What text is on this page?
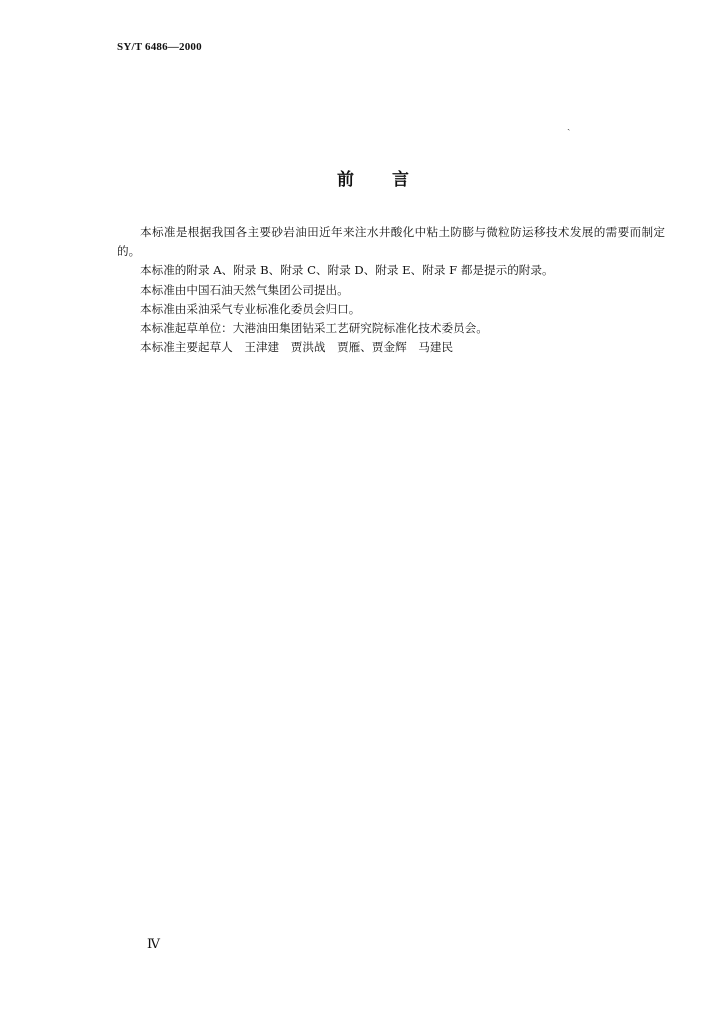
SY/T 6486—2000
ˏ
前 言

本标准是根据我国各主要砂岩油田近年来注水井酸化中粘土防膨与微粒防运移技术发展的需要而制定的。

本标准的附录 A、附录 B、附录 C、附录 D、附录 E、附录 F 都是提示的附录。

本标准由中国石油天然气集团公司提出。

本标准由采油采气专业标准化委员会归口。

本标准起草单位：大港油田集团钻采工艺研究院标准化技术委员会。

本标准主要起草人　王津建　贾洪战　贾雁、贾金辉　马建民

Ⅳ
